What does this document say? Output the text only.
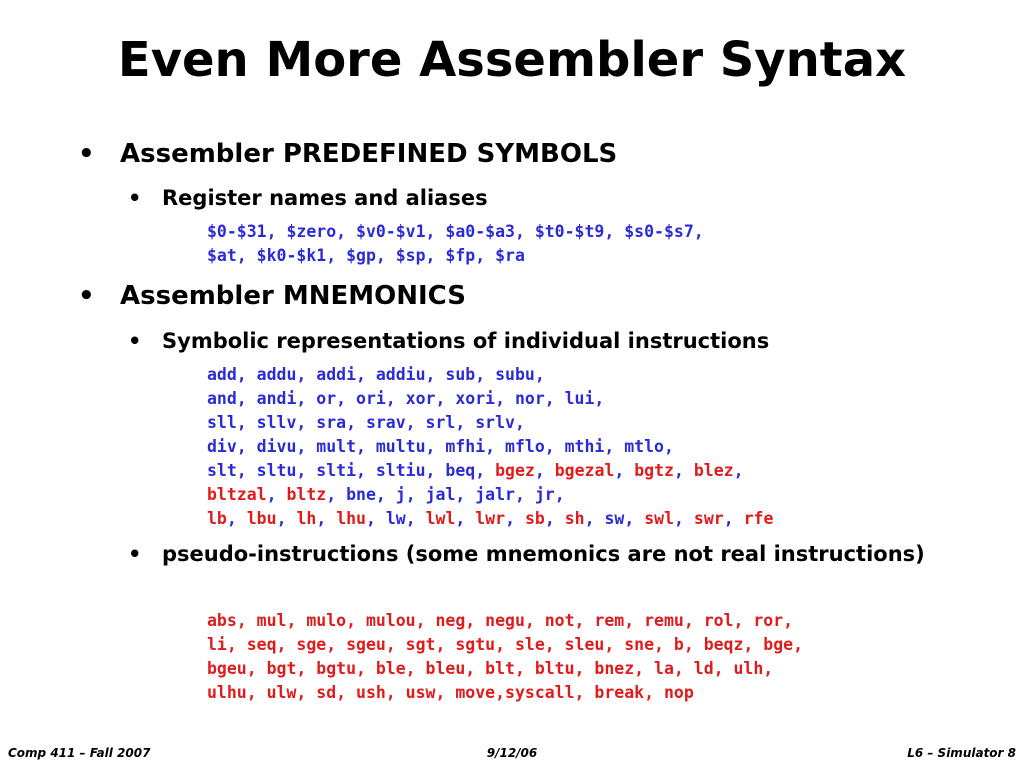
Even More Assembler Syntax
• Assembler PREDEFINED SYMBOLS
• Register names and aliases
$0-$31, $zero, $v0-$v1, $a0-$a3, $t0-$t9, $s0-$s7,
$at, $k0-$k1, $gp, $sp, $fp, $ra
• Assembler MNEMONICS
• Symbolic representations of individual instructions
add, addu, addi, addiu, sub, subu,
and, andi, or, ori, xor, xori, nor, lui,
sll, sllv, sra, srav, srl, srlv,
div, divu, mult, multu, mfhi, mflo, mthi, mtlo,
slt, sltu, slti, sltiu, beq, bgez, bgezal, bgtz, blez,
bltzal, bltz, bne, j, jal, jalr, jr,
lb, lbu, lh, lhu, lw, lwl, lwr, sb, sh, sw, swl, swr, rfe
• pseudo-instructions (some mnemonics are not real instructions)
abs, mul, mulo, mulou, neg, negu, not, rem, remu, rol, ror,
li, seq, sge, sgeu, sgt, sgtu, sle, sleu, sne, b, beqz, bge,
bgeu, bgt, bgtu, ble, bleu, blt, bltu, bnez, la, ld, ulh,
ulhu, ulw, sd, ush, usw, move,syscall, break, nop
Comp 411 – Fall 2007	9/12/06	L6 – Simulator 8
